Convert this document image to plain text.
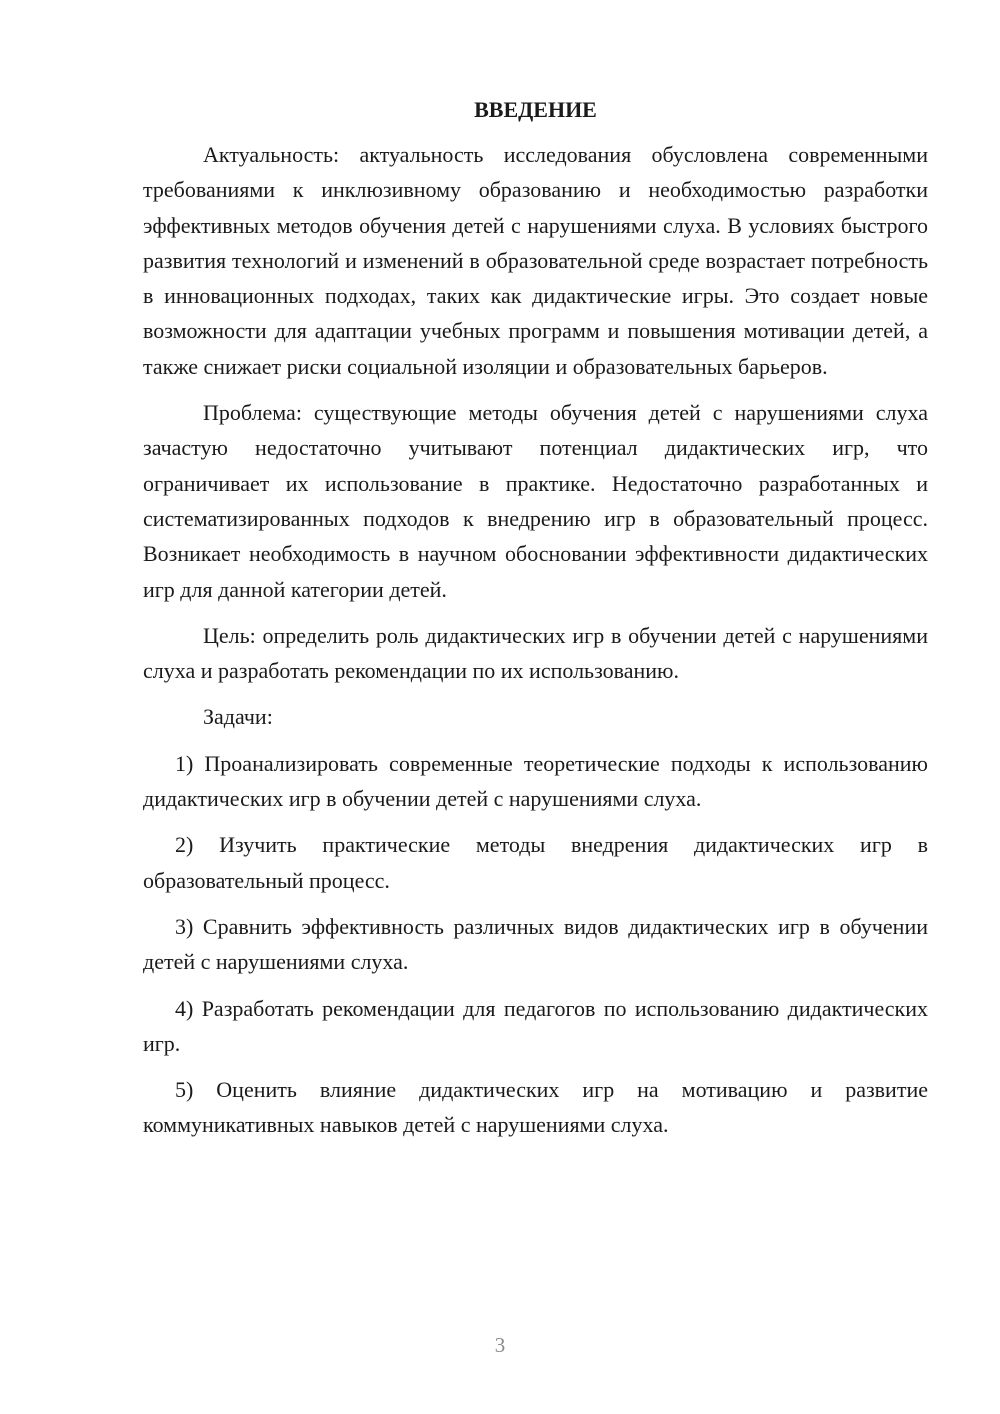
ВВЕДЕНИЕ

Актуальность: актуальность исследования обусловлена современными требованиями к инклюзивному образованию и необходимостью разработки эффективных методов обучения детей с нарушениями слуха. В условиях быстрого развития технологий и изменений в образовательной среде возрастает потребность в инновационных подходах, таких как дидактические игры. Это создает новые возможности для адаптации учебных программ и повышения мотивации детей, а также снижает риски социальной изоляции и образовательных барьеров.

Проблема: существующие методы обучения детей с нарушениями слуха зачастую недостаточно учитывают потенциал дидактических игр, что ограничивает их использование в практике. Недостаточно разработанных и систематизированных подходов к внедрению игр в образовательный процесс. Возникает необходимость в научном обосновании эффективности дидактических игр для данной категории детей.

Цель: определить роль дидактических игр в обучении детей с нарушениями слуха и разработать рекомендации по их использованию.

Задачи:

1) Проанализировать современные теоретические подходы к использованию дидактических игр в обучении детей с нарушениями слуха.

2) Изучить практические методы внедрения дидактических игр в образовательный процесс.

3) Сравнить эффективность различных видов дидактических игр в обучении детей с нарушениями слуха.

4) Разработать рекомендации для педагогов по использованию дидактических игр.

5) Оценить влияние дидактических игр на мотивацию и развитие коммуникативных навыков детей с нарушениями слуха.

3
